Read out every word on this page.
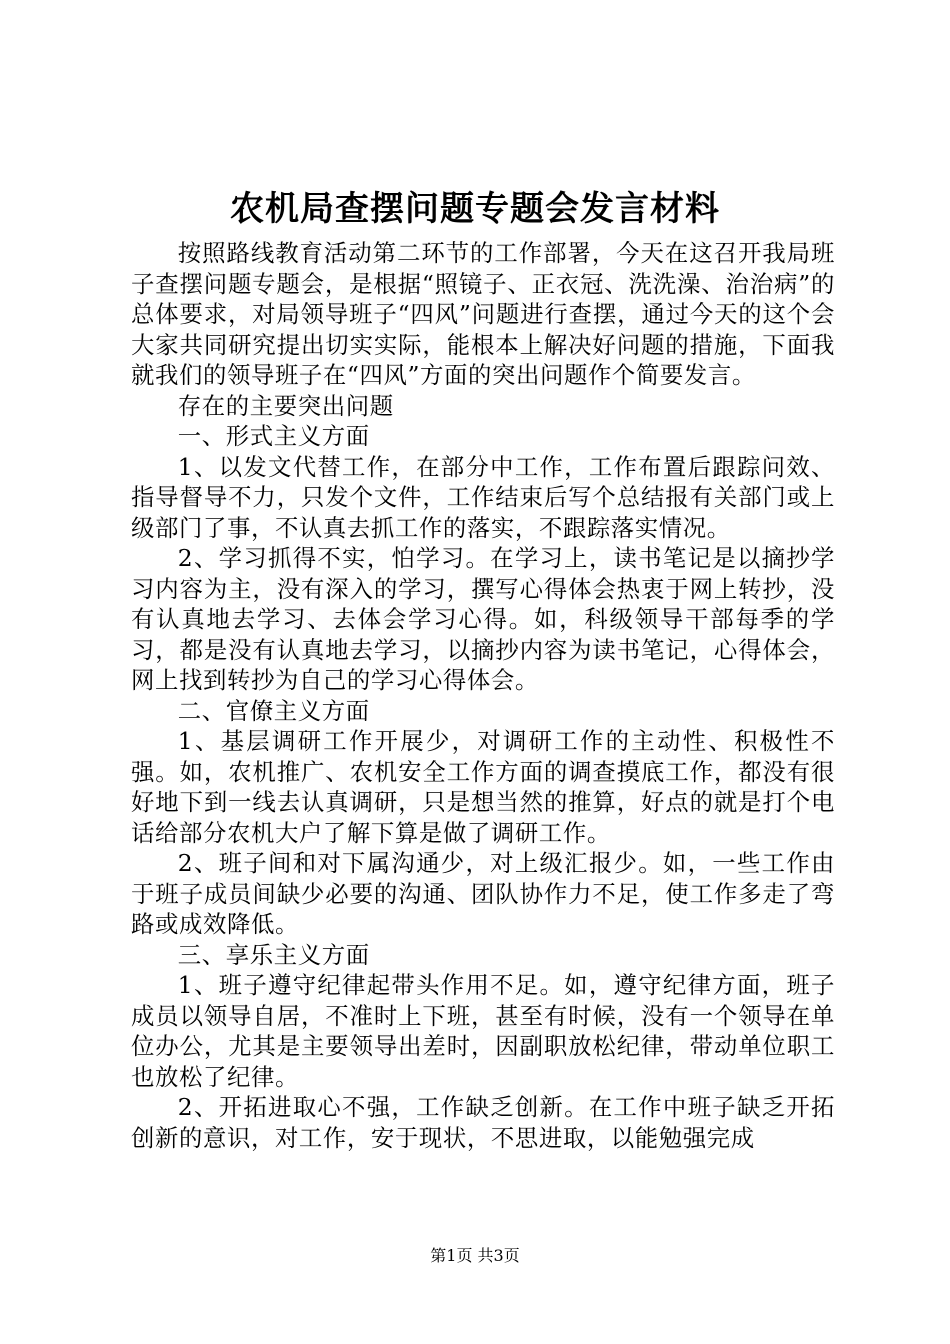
农机局查摆问题专题会发言材料

按照路线教育活动第二环节的工作部署，今天在这召开我局班子查摆问题专题会，是根据“照镜子、正衣冠、洗洗澡、治治病”的总体要求，对局领导班子“四风”问题进行查摆，通过今天的这个会大家共同研究提出切实实际，能根本上解决好问题的措施，下面我就我们的领导班子在“四风”方面的突出问题作个简要发言。

存在的主要突出问题

一、形式主义方面

1、以发文代替工作，在部分中工作，工作布置后跟踪问效、指导督导不力，只发个文件，工作结束后写个总结报有关部门或上级部门了事，不认真去抓工作的落实，不跟踪落实情况。

2、学习抓得不实，怕学习。在学习上，读书笔记是以摘抄学习内容为主，没有深入的学习，撰写心得体会热衷于网上转抄，没有认真地去学习、去体会学习心得。如，科级领导干部每季的学习，都是没有认真地去学习，以摘抄内容为读书笔记，心得体会，网上找到转抄为自己的学习心得体会。

二、官僚主义方面

1、基层调研工作开展少，对调研工作的主动性、积极性不强。如，农机推广、农机安全工作方面的调查摸底工作，都没有很好地下到一线去认真调研，只是想当然的推算，好点的就是打个电话给部分农机大户了解下算是做了调研工作。

2、班子间和对下属沟通少，对上级汇报少。如，一些工作由于班子成员间缺少必要的沟通、团队协作力不足，使工作多走了弯路或成效降低。

三、享乐主义方面

1、班子遵守纪律起带头作用不足。如，遵守纪律方面，班子成员以领导自居，不准时上下班，甚至有时候，没有一个领导在单位办公，尤其是主要领导出差时，因副职放松纪律，带动单位职工也放松了纪律。

2、开拓进取心不强，工作缺乏创新。在工作中班子缺乏开拓创新的意识，对工作，安于现状，不思进取，以能勉强完成

第1页 共3页
